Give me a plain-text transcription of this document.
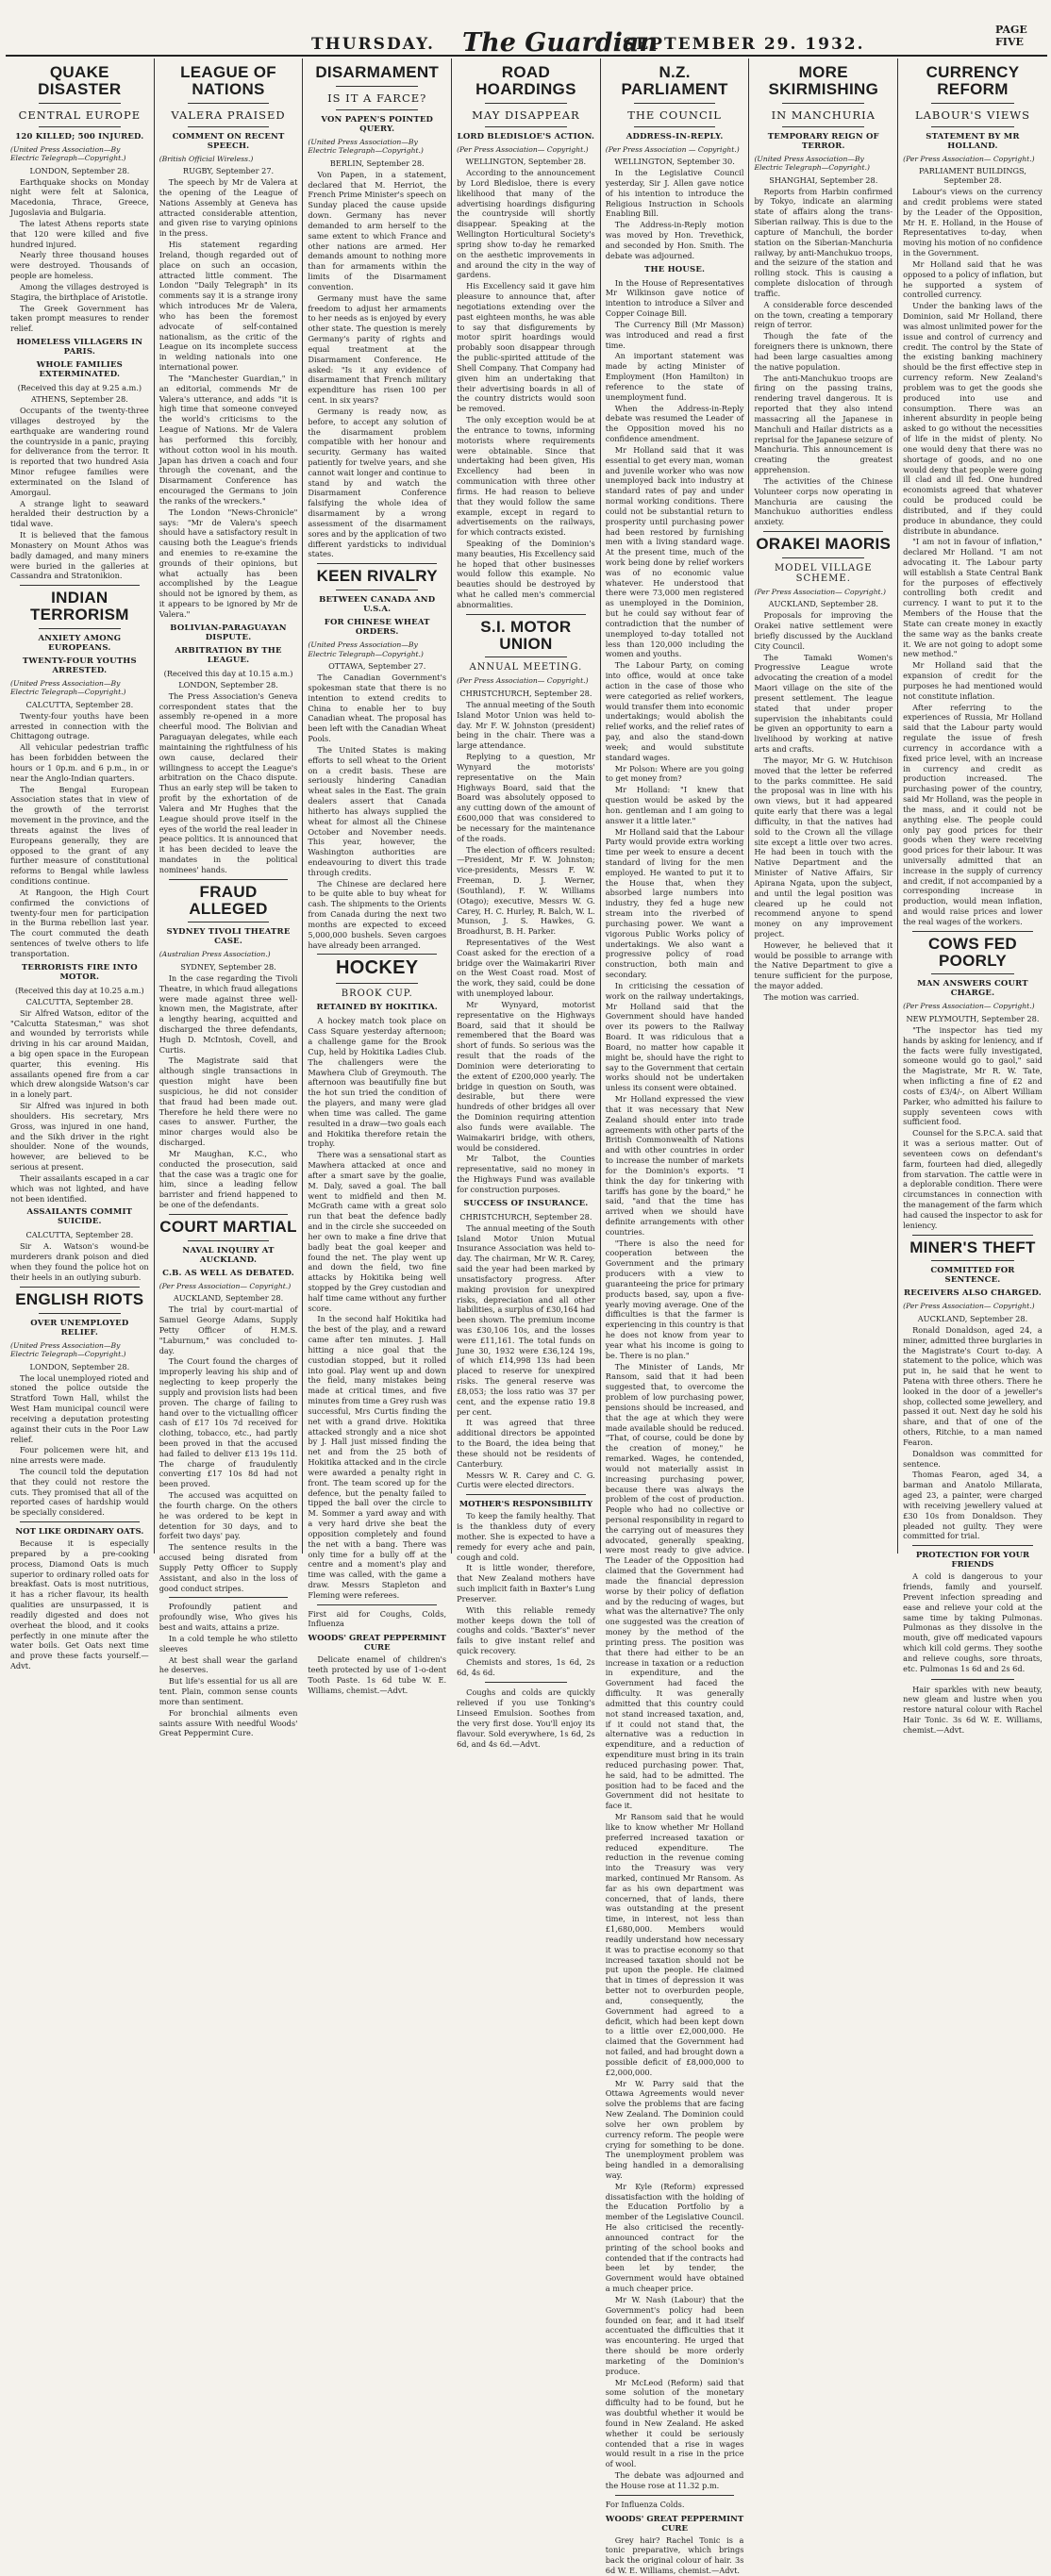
THURSDAY. The Guardian
SEPTEMBER 29. 1932.
PAGE FIVE
QUAKE DISASTER
CENTRAL EUROPE
120 KILLED; 500 INJURED.
(United Press Association—By Electric Telegraph—Copyright.)
LONDON, September 28.

Earthquake shocks on Monday night were felt at Salonica, Macedonia, Thrace, Greece, Jugoslavia and Bulgaria.

The latest Athens reports state that 120 were killed and five hundred injured.

Nearly three thousand houses were destroyed. Thousands of people are homeless.

Among the villages destroyed is Stagira, the birthplace of Aristotle.

The Greek Government has taken prompt measures to render relief.

HOMELESS VILLAGERS IN PARIS.
WHOLE FAMILIES EXTERMINATED.
(Received this day at 9.25 a.m.)
ATHENS, September 28.

Occupants of the twenty-three villages destroyed by the earthquake are wandering round the countryside in a panic, praying for deliverance from the terror. It is reported that two hundred Asia Minor refugee families were exterminated on the Island of Amorgaul.

A strange light to seaward heralded their destruction by a tidal wave.

It is believed that the famous Monastery on Mount Athos was badly damaged, and many miners were buried in the galleries at Cassandra and Stratonikion.

INDIAN TERRORISM
ANXIETY AMONG EUROPEANS.
TWENTY-FOUR YOUTHS ARRESTED.
(United Press Association—By Electric Telegraph—Copyright.)
CALCUTTA, September 28.

Twenty-four youths have been arrested in connection with the Chittagong outrage.

All vehicular pedestrian traffic has been forbidden between the hours or 1 0p.m. and 6 p.m., in or near the Anglo-Indian quarters.

The Bengal European Association states that in view of the growth of the terrorist movement in the province, and the threats against the lives of Europeans generally, they are opposed to the grant of any further measure of constitutional reforms to Bengal while lawless conditions continue.

At Rangoon, the High Court confirmed the convictions of twenty-four men for participation in the Burma rebellion last year. The court commuted the death sentences of twelve others to life transportation.

TERRORISTS FIRE INTO MOTOR.
(Received this day at 10.25 a.m.)
CALCUTTA, September 28.

Sir Alfred Watson, editor of the "Calcutta Statesman," was shot and wounded by terrorists while driving in his car around Maidan, a big open space in the European quarter, this evening. His assailants opened fire from a car which drew alongside Watson's car in a lonely part.

Sir Alfred was injured in both shoulders. His secretary, Mrs Gross, was injured in one hand, and the Sikh driver in the right shoulder. None of the wounds, however, are believed to be serious at present.

Their assailants escaped in a car which was not lighted, and have not been identified.

ASSAILANTS COMMIT SUICIDE.
CALCUTTA, September 28.

Sir A. Watson's wound-be murderers drank poison and died when they found the police hot on their heels in an outlying suburb.

ENGLISH RIOTS
OVER UNEMPLOYED RELIEF.
(United Press Association—By Electric Telegraph—Copyright.)
LONDON, September 28.

The local unemployed rioted and stoned the police outside the Stratford Town Hall, whilst the West Ham municipal council were receiving a deputation protesting against their cuts in the Poor Law relief.

Four policemen were hit, and nine arrests were made.

The council told the deputation that they could not restore the cuts. They promised that all of the reported cases of hardship would be specially considered.

NOT LIKE ORDINARY OATS.

Because it is especially prepared by a pre-cooking process, Diamond Oats is much superior to ordinary rolled oats for breakfast. Oats is most nutritious, it has a richer flavour, its health qualities are unsurpassed, it is readily digested and does not overheat the blood, and it cooks perfectly in one minute after the water boils. Get Oats next time and prove these facts yourself.—Advt.

LEAGUE OF NATIONS
VALERA PRAISED
COMMENT ON RECENT SPEECH.
(British Official Wireless.)
RUGBY, September 27.

The speech by Mr de Valera at the opening of the League of Nations Assembly at Geneva has attracted considerable attention, and given rise to varying opinions in the press.

His statement regarding Ireland, though regarded out of place on such an occasion, attracted little comment. The London "Daily Telegraph" in its comments say it is a strange irony which introduces Mr de Valera, who has been the foremost advocate of self-contained nationalism, as the critic of the League on its incomplete success in welding nationals into one international power.

The "Manchester Guardian," in an editorial, commends Mr de Valera's utterance, and adds "it is high time that someone conveyed the world's criticisms to the League of Nations. Mr de Valera has performed this forcibly, without cotton wool in his mouth. Japan has driven a coach and four through the covenant, and the Disarmament Conference has encouraged the Germans to join the ranks of the wreckers."

The London "News-Chronicle" says: "Mr de Valera's speech should have a satisfactory result in causing both the League's friends and enemies to re-examine the grounds of their opinions, but what actually has been accomplished by the League should not be ignored by them, as it appears to be ignored by Mr de Valera."

BOLIVIAN-PARAGUAYAN DISPUTE.
ARBITRATION BY THE LEAGUE.
(Received this day at 10.15 a.m.)
LONDON, September 28.

The Press Association's Geneva correspondent states that the assembly re-opened in a more cheerful mood. The Bolivian and Paraguayan delegates, while each maintaining the rightfulness of his own cause, declared their willingness to accept the League's arbitration on the Chaco dispute. Thus an early step will be taken to profit by the exhortation of de Valera and Mr Hughes that the League should prove itself in the eyes of the world the real leader in peace politics. It is announced that it has been decided to leave the mandates in the political nominees' hands.

FRAUD ALLEGED
SYDNEY TIVOLI THEATRE CASE.
(Australian Press Association.)
SYDNEY, September 28.

In the case regarding the Tivoli Theatre, in which fraud allegations were made against three well-known men, the Magistrate, after a lengthy hearing, acquitted and discharged the three defendants, Hugh D. McIntosh, Covell, and Curtis.

The Magistrate said that although single transactions in question might have been suspicious, he did not consider that fraud had been made out. Therefore he held there were no cases to answer. Further, the minor charges would also be discharged.

Mr Maughan, K.C., who conducted the prosecution, said that the case was a tragic one for him, since a leading fellow barrister and friend happened to be one of the defendants.

COURT MARTIAL
NAVAL INQUIRY AT AUCKLAND.
C.B. AS WELL AS DEBATED.
(Per Press Association— Copyright.)
AUCKLAND, September 28.

The trial by court-martial of Samuel George Adams, Supply Petty Officer of H.M.S. "Laburnum," was concluded to-day.

The Court found the charges of improperly leaving his ship and of neglecting to keep properly the supply and provision lists had been proven. The charge of failing to hand over to the victualling officer cash of £17 10s 7d received for clothing, tobacco, etc., had partly been proved in that the accused had failed to deliver £13 19s 11d. The charge of fraudulently converting £17 10s 8d had not been proved.

The accused was acquitted on the fourth charge. On the others he was ordered to be kept in detention for 30 days, and to forfeit two days' pay.

The sentence results in the accused being disrated from Supply Petty Officer to Supply Assistant, and also in the loss of good conduct stripes.

Profoundly patient and profoundly wise, Who gives his best and waits, attains a prize.

In a cold temple he who stiletto sleeves

At best shall wear the garland he deserves.

But life's essential for us all are tent. Plain, common sense counts more than sentiment.

For bronchial ailments even saints assure With needful Woods' Great Peppermint Cure.

DISARMAMENT
IS IT A FARCE?
VON PAPEN'S POINTED QUERY.
(United Press Association—By Electric Telegraph—Copyright.)
BERLIN, September 28.

Von Papen, in a statement, declared that M. Herriot, the French Prime Minister's speech on Sunday placed the cause upside down. Germany has never demanded to arm herself to the same extent to which France and other nations are armed. Her demands amount to nothing more than for armaments within the limits of the Disarmament convention.

Germany must have the same freedom to adjust her armaments to her needs as is enjoyed by every other state. The question is merely Germany's parity of rights and equal treatment at the Disarmament Conference. He asked: "Is it any evidence of disarmament that French military expenditure has risen 100 per cent. in six years?

Germany is ready now, as before, to accept any solution of the disarmament problem compatible with her honour and security. Germany has waited patiently for twelve years, and she cannot wait longer and continue to stand by and watch the Disarmament Conference falsifying the whole idea of disarmament by a wrong assessment of the disarmament sores and by the application of two different yardsticks to individual states.

KEEN RIVALRY
BETWEEN CANADA AND U.S.A.
FOR CHINESE WHEAT ORDERS.
(United Press Association—By Electric Telegraph—Copyright.)
OTTAWA, September 27.

The Canadian Government's spokesman state that there is no intention to extend credits to China to enable her to buy Canadian wheat. The proposal has been left with the Canadian Wheat Pools.

The United States is making efforts to sell wheat to the Orient on a credit basis. These are seriously hindering Canadian wheat sales in the East. The grain dealers assert that Canada hitherto has always supplied the wheat for almost all the Chinese October and November needs. This year, however, the Washington authorities are endeavouring to divert this trade through credits.

The Chinese are declared here to be quite able to buy wheat for cash. The shipments to the Orients from Canada during the next two months are expected to exceed 5,000,000 bushels. Seven cargoes have already been arranged.

HOCKEY
BROOK CUP.
RETAINED BY HOKITIKA.

A hockey match took place on Cass Square yesterday afternoon; a challenge game for the Brook Cup, held by Hokitika Ladies Club. The challengers were the Mawhera Club of Greymouth. The afternoon was beautifully fine but the hot sun tried the condition of the players, and many were glad when time was called. The game resulted in a draw—two goals each and Hokitika therefore retain the trophy.

There was a sensational start as Mawhera attacked at once and after a smart save by the goalie, M. Daly, saved a goal. The ball went to midfield and then M. McGrath came with a great solo run that beat the defence badly and in the circle she succeeded on her own to make a fine drive that badly beat the goal keeper and found the net. The play went up and down the field, two fine attacks by Hokitika being well stopped by the Grey custodian and half time came without any further score.

In the second half Hokitika had the best of the play, and a reward came after ten minutes. J. Hall hitting a nice goal that the custodian stopped, but it rolled into goal. Play went up and down the field, many mistakes being made at critical times, and five minutes from time a Grey rush was successful, Mrs Curtis finding the net with a grand drive. Hokitika attacked strongly and a nice shot by J. Hall just missed finding the net and from the 25 both of Hokitika attacked and in the circle were awarded a penalty right in front. The team scored up for the defence, but the penalty failed to tipped the ball over the circle to M. Sommer a yard away and with a very hard drive she beat the opposition completely and found the net with a bang. There was only time for a bully off at the centre and a moment's play and time was called, with the game a draw. Messrs Stapleton and Fleming were referees.

First aid for Coughs, Colds, Influenza

WOODS' GREAT PEPPERMINT CURE

Delicate enamel of children's teeth protected by use of 1-o-dent Tooth Paste. 1s 6d tube W. E. Williams, chemist.—Advt.

ROAD HOARDINGS
MAY DISAPPEAR
LORD BLEDISLOE'S ACTION.
(Per Press Association— Copyright.)
WELLINGTON, September 28.

According to the announcement by Lord Bledisloe, there is every likelihood that many of the advertising hoardings disfiguring the countryside will shortly disappear. Speaking at the Wellington Horticultural Society's spring show to-day he remarked on the aesthetic improvements in and around the city in the way of gardens.

His Excellency said it gave him pleasure to announce that, after negotiations extending over the past eighteen months, he was able to say that disfigurements by motor spirit hoardings would probably soon disappear through the public-spirited attitude of the Shell Company. That Company had given him an undertaking that their advertising boards in all of the country districts would soon be removed.

The only exception would be at the entrance to towns, informing motorists where requirements were obtainable. Since that undertaking had been given, His Excellency had been in communication with three other firms. He had reason to believe that they would follow the same example, except in regard to advertisements on the railways, for which contracts existed.

Speaking of the Dominion's many beauties, His Excellency said he hoped that other businesses would follow this example. No beauties should be destroyed by what he called men's commercial abnormalities.

S.I. MOTOR UNION
ANNUAL MEETING.
(Per Press Association— Copyright.)
CHRISTCHURCH, September 28.

The annual meeting of the South Island Motor Union was held to-day. Mr F. W. Johnston (president) being in the chair. There was a large attendance.

Replying to a question, Mr Wynyard the motorists' representative on the Main Highways Board, said that the Board was absolutely opposed to any cutting down of the amount of £600,000 that was considered to be necessary for the maintenance of the roads.

The election of officers resulted:—President, Mr F. W. Johnston; vice-presidents, Messrs F. W. Freeman, D. J. Werner, (Southland), F. W. Williams (Otago); executive, Messrs W. G. Carey, H. C. Hurley, R. Balch, W. L. Munson, J. S. Hawkes, G. Broadhurst, B. H. Parker.

Representatives of the West Coast asked for the erection of a bridge over the Waimakariri River on the West Coast road. Most of the work, they said, could be done with unemployed labour.

Mr Wynyard, motorist representative on the Highways Board, said that it should be remembered that the Board was short of funds. So serious was the result that the roads of the Dominion were deteriorating to the extent of £200,000 yearly. The bridge in question on South, was desirable, but there were hundreds of other bridges all over the Dominion requiring attention also funds were available. The Waimakariri bridge, with others, would be considered.

Mr Talbot, the Counties representative, said no money in the Highways Fund was available for construction purposes.

SUCCESS OF INSURANCE.
CHRISTCHURCH, September 28.

The annual meeting of the South Island Motor Union Mutual Insurance Association was held to-day. The chairman, Mr W. R. Carey, said the year had been marked by unsatisfactory progress. After making provision for unexpired risks, depreciation and all other liabilities, a surplus of £30,164 had been shown. The premium income was £30,106 10s, and the losses were £11,161. The total funds on June 30, 1932 were £36,124 19s, of which £14,998 13s had been placed to reserve for unexpired risks. The general reserve was £8,053; the loss ratio was 37 per cent, and the expense ratio 19.8 per cent.

It was agreed that three additional directors be appointed to the Board, the idea being that these should not be residents of Canterbury.

Messrs W. R. Carey and C. G. Curtis were elected directors.

MOTHER'S RESPONSIBILITY

To keep the family healthy. That is the thankless duty of every mother. She is expected to have a remedy for every ache and pain, cough and cold.

It is little wonder, therefore, that New Zealand mothers have such implicit faith in Baxter's Lung Preserver.

With this reliable remedy mother keeps down the toll of coughs and colds. "Baxter's" never fails to give instant relief and quick recovery.

Chemists and stores, 1s 6d, 2s 6d, 4s 6d.

Coughs and colds are quickly relieved if you use Tonking's Linseed Emulsion. Soothes from the very first dose. You'll enjoy its flavour. Sold everywhere, 1s 6d, 2s 6d, and 4s 6d.—Advt.

N.Z. PARLIAMENT
THE COUNCIL
ADDRESS-IN-REPLY.
(Per Press Association — Copyright.)
WELLINGTON, September 30.

In the Legislative Council yesterday, Sir J. Allen gave notice of his intention to introduce the Religious Instruction in Schools Enabling Bill.

The Address-in-Reply motion was moved by Hon. Trevethick, and seconded by Hon. Smith. The debate was adjourned.

THE HOUSE.

In the House of Representatives Mr Wilkinson gave notice of intention to introduce a Silver and Copper Coinage Bill.

The Currency Bill (Mr Masson) was introduced and read a first time.

An important statement was made by acting Minister of Employment (Hon Hamilton) in reference to the state of unemployment fund.

When the Address-in-Reply debate was resumed the Leader of the Opposition moved his no confidence amendment.

Mr Holland said that it was essential to get every man, woman and juvenile worker who was now unemployed back into industry at standard rates of pay and under normal working conditions. There could not be substantial return to prosperity until purchasing power had been restored by furnishing men with a living standard wage. At the present time, much of the work being done by relief workers was of no economic value whatever. He understood that there were 73,000 men registered as unemployed in the Dominion, but he could say without fear of contradiction that the number of unemployed to-day totalled not less than 120,000 including the women and youths.

The Labour Party, on coming into office, would at once take action in the case of those who were categoried as relief workers, would transfer them into economic undertakings; would abolish the relief works, and the relief rates of pay, and also the stand-down week; and would substitute standard wages.

Mr Polson: Where are you going to get money from?

Mr Holland: "I knew that question would be asked by the hon. gentleman and I am going to answer it a little later."

Mr Holland said that the Labour Party would provide extra working time per week to ensure a decent standard of living for the men employed. He wanted to put it to the House that, when they absorbed large numbers into industry, they fed a huge new stream into the riverbed of purchasing power. We want a vigorous Public Works policy of undertakings. We also want a progressive policy of road construction, both main and secondary.

In criticising the cessation of work on the railway undertakings, Mr Holland said that the Government should have handed over its powers to the Railway Board. It was ridiculous that a Board, no matter how capable it might be, should have the right to say to the Government that certain works should not be undertaken unless its consent were obtained.

Mr Holland expressed the view that it was necessary that New Zealand should enter into trade agreements with other parts of the British Commonwealth of Nations and with other countries in order to increase the number of markets for the Dominion's exports. "I think the day for tinkering with tariffs has gone by the board," he said, "and that the time has arrived when we should have definite arrangements with other countries.

"There is also the need for cooperation between the Government and the primary producers with a view to guaranteeing the price for primary products based, say, upon a five-yearly moving average. One of the difficulties is that the farmer is experiencing in this country is that he does not know from year to year what his income is going to be. There is no plan."

The Minister of Lands, Mr Ransom, said that it had been suggested that, to overcome the problem of low purchasing power, pensions should be increased, and that the age at which they were made available should be reduced. "That, of course, could be done by the creation of money," he remarked. Wages, he contended, would not materially assist in increasing purchasing power, because there was always the problem of the cost of production. People who had no collective or personal responsibility in regard to the carrying out of measures they advocated, generally speaking, were most ready to give advice. The Leader of the Opposition had claimed that the Government had made the financial depression worse by their policy of deflation and by the reducing of wages, but what was the alternative? The only one suggested was the creation of money by the method of the printing press. The position was that there had either to be an increase in taxation or a reduction in expenditure, and the Government had faced the difficulty. It was generally admitted that this country could not stand increased taxation, and, if it could not stand that, the alternative was a reduction in expenditure, and a reduction of expenditure must bring in its train reduced purchasing power. That, he said, had to be admitted. The position had to be faced and the Government did not hesitate to face it.

Mr Ransom said that he would like to know whether Mr Holland preferred increased taxation or reduced expenditure. The reduction in the revenue coming into the Treasury was very marked, continued Mr Ransom. As far as his own department was concerned, that of lands, there was outstanding at the present time, in interest, not less than £1,680,000. Members would readily understand how necessary it was to practise economy so that increased taxation should not be put upon the people. He claimed that in times of depression it was better not to overburden people, and, consequently, the Government had agreed to a deficit, which had been kept down to a little over £2,000,000. He claimed that the Government had not failed, and had brought down a possible deficit of £8,000,000 to £2,000,000.

Mr W. Parry said that the Ottawa Agreements would never solve the problems that are facing New Zealand. The Dominion could solve her own problem by currency reform. The people were crying for something to be done. The unemployment problem was being handled in a demoralising way.

Mr Kyle (Reform) expressed dissatisfaction with the holding of the Education Portfolio by a member of the Legislative Council. He also criticised the recently-announced contract for the printing of the school books and contended that if the contracts had been let by tender, the Government would have obtained a much cheaper price.

Mr W. Nash (Labour) that the Government's policy had been founded on fear, and it had itself accentuated the difficulties that it was encountering. He urged that there should be more orderly marketing of the Dominion's produce.

Mr McLeod (Reform) said that some solution of the monetary difficulty had to be found, but he was doubtful whether it would be found in New Zealand. He asked whether it could be seriously contended that a rise in wages would result in a rise in the price of wool.

The debate was adjourned and the House rose at 11.32 p.m.

For Influenza Colds.

WOODS' GREAT PEPPERMINT CURE

Grey hair? Rachel Tonic is a tonic preparative, which brings back the original colour of hair. 3s 6d W. E. Williams, chemist.—Advt.

MORE SKIRMISHING
IN MANCHURIA
TEMPORARY REIGN OF TERROR.
(United Press Association—By Electric Telegraph—Copyright.)
SHANGHAI, September 28.

Reports from Harbin confirmed by Tokyo, indicate an alarming state of affairs along the trans-Siberian railway. This is due to the capture of Manchuli, the border station on the Siberian-Manchuria railway, by anti-Manchukuo troops, and the seizure of the station and rolling stock. This is causing a complete dislocation of through traffic.

A considerable force descended on the town, creating a temporary reign of terror.

Though the fate of the foreigners there is unknown, there had been large casualties among the native population.

The anti-Manchukuo troops are firing on the passing trains, rendering travel dangerous. It is reported that they also intend massacring all the Japanese in Manchuli and Hailar districts as a reprisal for the Japanese seizure of Manchuria. This announcement is creating the greatest apprehension.

The activities of the Chinese Volunteer corps now operating in Manchuria are causing the Manchukuo authorities endless anxiety.

ORAKEI MAORIS
MODEL VILLAGE SCHEME.
(Per Press Association— Copyright.)
AUCKLAND, September 28.

Proposals for improving the Orakei native settlement were briefly discussed by the Auckland City Council.

The Tamaki Women's Progressive League wrote advocating the creation of a model Maori village on the site of the present settlement. The league stated that under proper supervision the inhabitants could be given an opportunity to earn a livelihood by working at native arts and crafts.

The mayor, Mr G. W. Hutchison moved that the letter be referred to the parks committee. He said the proposal was in line with his own views, but it had appeared quite early that there was a legal difficulty, in that the natives had sold to the Crown all the village site except a little over two acres. He had been in touch with the Native Department and the Minister of Native Affairs, Sir Apirana Ngata, upon the subject, and until the legal position was cleared up he could not recommend anyone to spend money on any improvement project.

However, he believed that it would be possible to arrange with the Native Department to give a tenure sufficient for the purpose, the mayor added.

The motion was carried.

CURRENCY REFORM
LABOUR'S VIEWS
STATEMENT BY MR HOLLAND.
(Per Press Association— Copyright.)
PARLIAMENT BUILDINGS, September 28.

Labour's views on the currency and credit problems were stated by the Leader of the Opposition, Mr H. E. Holland, in the House of Representatives to-day, when moving his motion of no confidence in the Government.

Mr Holland said that he was opposed to a policy of inflation, but he supported a system of controlled currency.

Under the banking laws of the Dominion, said Mr Holland, there was almost unlimited power for the issue and control of currency and credit. The control by the State of the existing banking machinery should be the first effective step in currency reform. New Zealand's problem was to get the goods she produced into use and consumption. There was an inherent absurdity in people being asked to go without the necessities of life in the midst of plenty. No one would deny that there was no shortage of goods, and no one would deny that people were going ill clad and ill fed. One hundred economists agreed that whatever could be produced could be distributed, and if they could produce in abundance, they could distribute in abundance.

"I am not in favour of inflation," declared Mr Holland. "I am not advocating it. The Labour party will establish a State Central Bank for the purposes of effectively controlling both credit and currency. I want to put it to the Members of the House that the State can create money in exactly the same way as the banks create it. We are not going to adopt some new method."

Mr Holland said that the expansion of credit for the purposes he had mentioned would not constitute inflation.

After referring to the experiences of Russia, Mr Holland said that the Labour party would regulate the issue of fresh currency in accordance with a fixed price level, with an increase in currency and credit as production increased. The purchasing power of the country, said Mr Holland, was the people in the mass, and it could not be anything else. The people could only pay good prices for their goods when they were receiving good prices for their labour. It was universally admitted that an increase in the supply of currency and credit, if not accompanied by a corresponding increase in production, would mean inflation, and would raise prices and lower the real wages of the workers.

COWS FED POORLY
MAN ANSWERS COURT CHARGE.
(Per Press Association— Copyright.)
NEW PLYMOUTH, September 28.

"The inspector has tied my hands by asking for leniency, and if the facts were fully investigated, someone would go to gaol," said the Magistrate, Mr R. W. Tate, when inflicting a fine of £2 and costs of £3/4/-, on Albert William Parker, who admitted his failure to supply seventeen cows with sufficient food.

Counsel for the S.P.C.A. said that it was a serious matter. Out of seventeen cows on defendant's farm, fourteen had died, allegedly from starvation. The cattle were in a deplorable condition. There were circumstances in connection with the management of the farm which had caused the inspector to ask for leniency.

MINER'S THEFT
COMMITTED FOR SENTENCE.
RECEIVERS ALSO CHARGED.
(Per Press Association— Copyright.)
AUCKLAND, September 28.

Ronald Donaldson, aged 24, a miner, admitted three burglaries in the Magistrate's Court to-day. A statement to the police, which was put in, he said that he went to Patena with three others. There he looked in the door of a jeweller's shop, collected some jewellery, and passed it out. Next day he sold his share, and that of one of the others, Ritchie, to a man named Fearon.

Donaldson was committed for sentence.

Thomas Fearon, aged 34, a barman and Anatolo Millarata, aged 23, a painter, were charged with receiving jewellery valued at £30 10s from Donaldson. They pleaded not guilty. They were committed for trial.

PROTECTION FOR YOUR FRIENDS

A cold is dangerous to your friends, family and yourself. Prevent infection spreading and ease and relieve your cold at the same time by taking Pulmonas. Pulmonas as they dissolve in the mouth, give off medicated vapours which kill cold germs. They soothe and relieve coughs, sore throats, etc. Pulmonas 1s 6d and 2s 6d.

Hair sparkles with new beauty, new gleam and lustre when you restore natural colour with Rachel Hair Tonic. 3s 6d W. E. Williams, chemist.—Advt.
